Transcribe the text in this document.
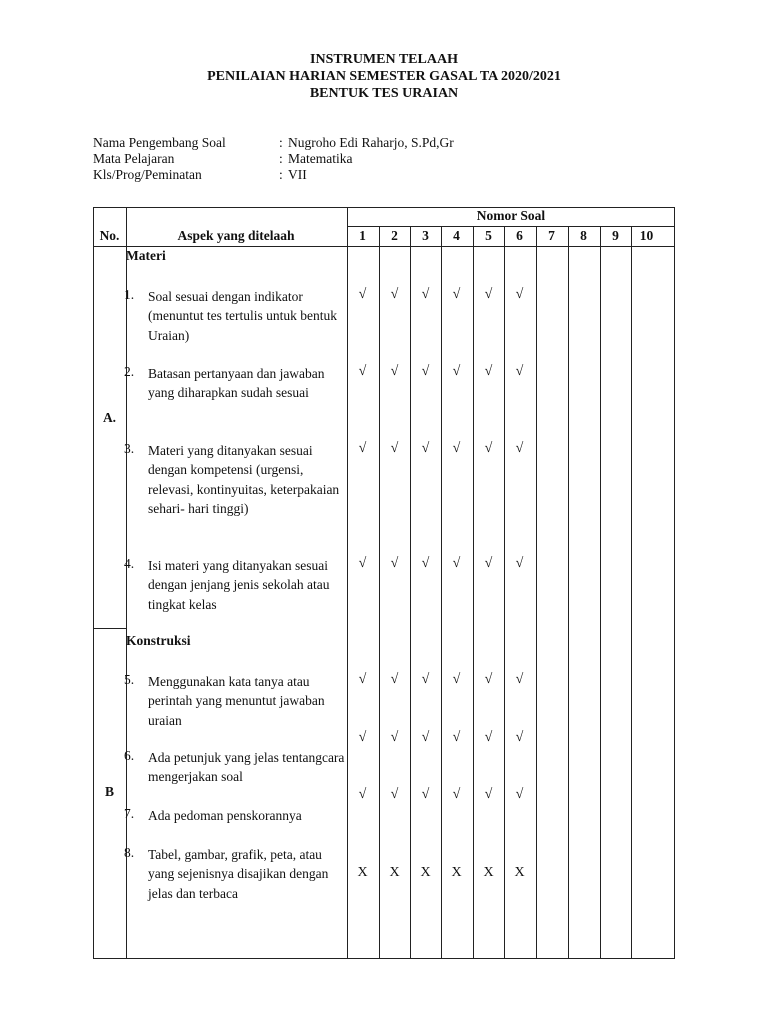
INSTRUMEN TELAAH
PENILAIAN HARIAN SEMESTER GASAL TA 2020/2021
BENTUK TES URAIAN
Nama Pengembang Soal	: Nugroho Edi Raharjo, S.Pd,Gr
Mata Pelajaran	: Matematika
Kls/Prog/Peminatan	: VII
No.	Aspek yang ditelaah
Nomor Soal
1	2	3	4	5	6	7	8	9	10
A.
Materi
1. Soal sesuai dengan indikator (menuntut tes tertulis untuk bentuk Uraian)
√	√	√	√	√	√
2. Batasan pertanyaan dan jawaban yang diharapkan sudah sesuai
√	√	√	√	√	√
3. Materi yang ditanyakan sesuai dengan kompetensi (urgensi, relevasi, kontinyuitas, keterpakaian sehari- hari tinggi)
√	√	√	√	√	√
4. Isi materi yang ditanyakan sesuai dengan jenjang jenis sekolah atau tingkat kelas
√	√	√	√	√	√
B
Konstruksi
5. Menggunakan kata tanya atau perintah yang menuntut jawaban uraian
√	√	√	√	√	√
6. Ada petunjuk yang jelas tentangcara mengerjakan soal
√	√	√	√	√	√
7. Ada pedoman penskorannya
√	√	√	√	√	√
8. Tabel, gambar, grafik, peta, atau yang sejenisnya disajikan dengan jelas dan terbaca
X	X	X	X	X	X
